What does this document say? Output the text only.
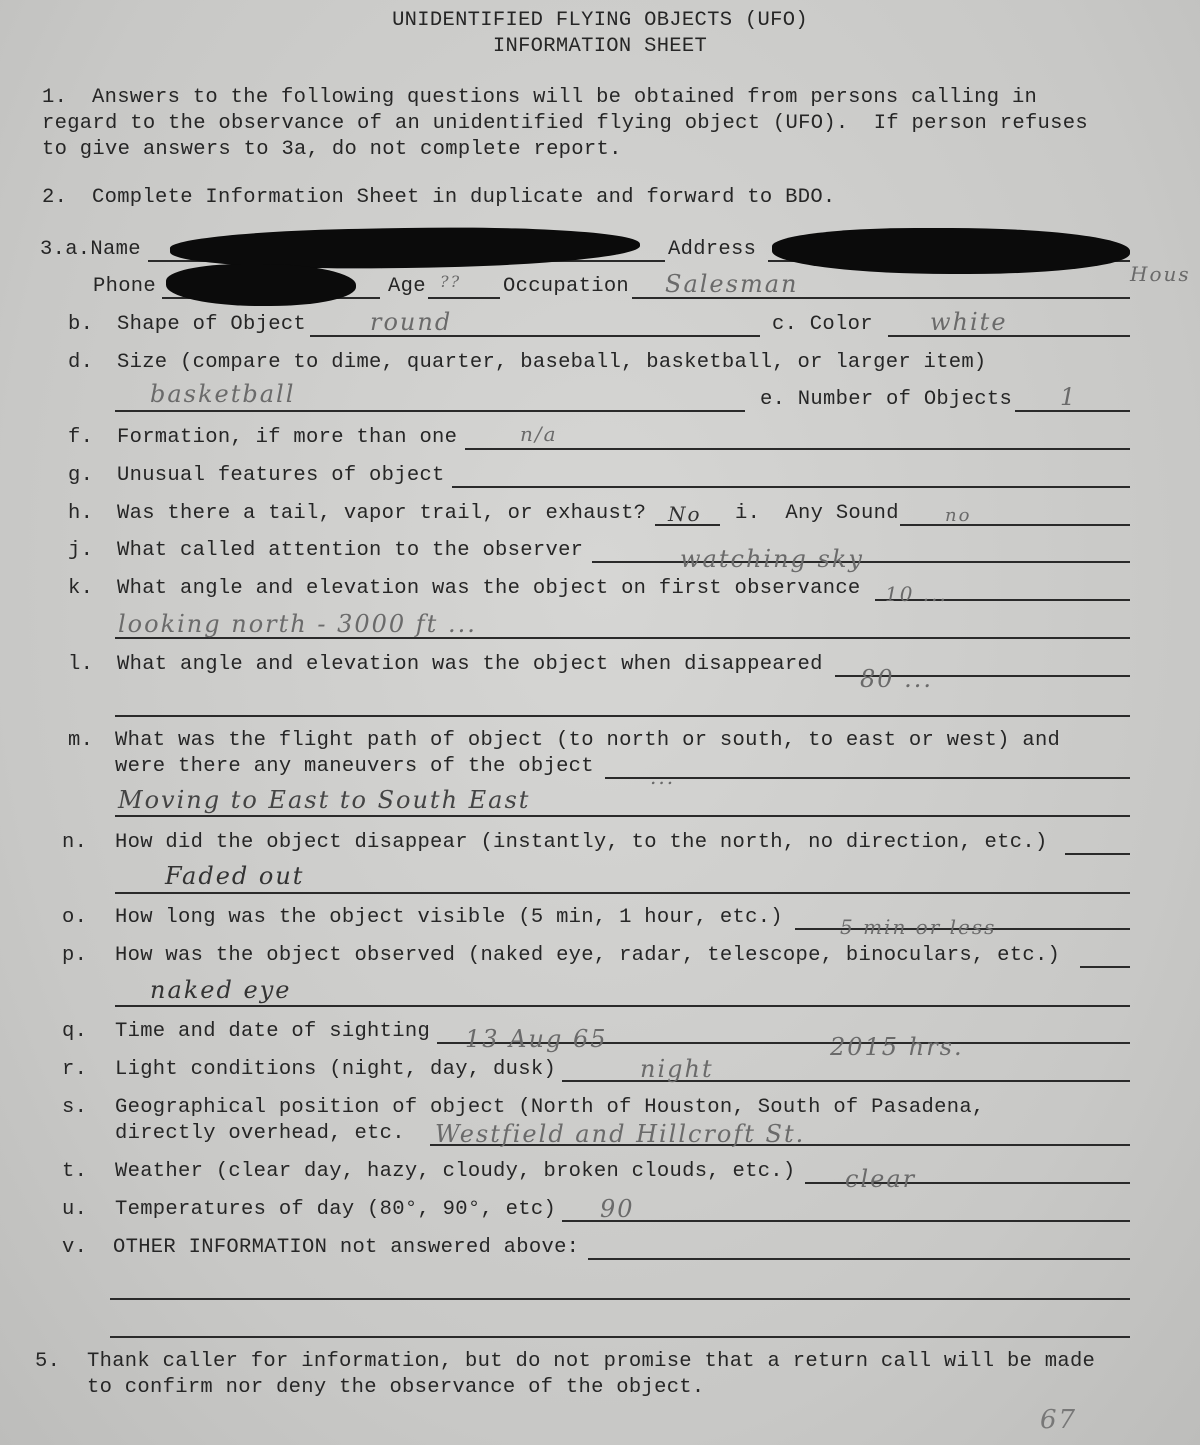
UNIDENTIFIED FLYING OBJECTS (UFO)
INFORMATION SHEET
1. Answers to the following questions will be obtained from persons calling in
regard to the observance of an unidentified flying object (UFO).  If person refuses
to give answers to 3a, do not complete report.
2. Complete Information Sheet in duplicate and forward to BDO.
3.a.Name	Address
Hous
Phone	Age ?? Occupation Salesman
b. Shape of Object	round	c. Color white
d. Size (compare to dime, quarter, baseball, basketball, or larger item)
basketball	e. Number of Objects 1
f. Formation, if more than one	n/a
g. Unusual features of object
h. Was there a tail, vapor trail, or exhaust? No i.  Any Sound	no
j. What called attention to the observer	watching sky
k. What angle and elevation was the object on first observance 10 ...
looking north - 3000 ft ...
l. What angle and elevation was the object when disappeared
80 ...
m. What was the flight path of object (to north or south, to east or west) and
were there any maneuvers of the object	...
Moving to East to South East
n. How did the object disappear (instantly, to the north, no direction, etc.)
Faded out
o. How long was the object visible (5 min, 1 hour, etc.)	5 min or less
p. How was the object observed (naked eye, radar, telescope, binoculars, etc.)
naked eye
q. Time and date of sighting 13 Aug 65	2015 hrs.
r. Light conditions (night, day, dusk)	night
s. Geographical position of object (North of Houston, South of Pasadena,
directly overhead, etc. Westfield and Hillcroft St.
t. Weather (clear day, hazy, cloudy, broken clouds, etc.) clear
u. Temperatures of day (80°, 90°, etc) 90
v. OTHER INFORMATION not answered above:
5. Thank caller for information, but do not promise that a return call will be made
to confirm nor deny the observance of the object.
67
